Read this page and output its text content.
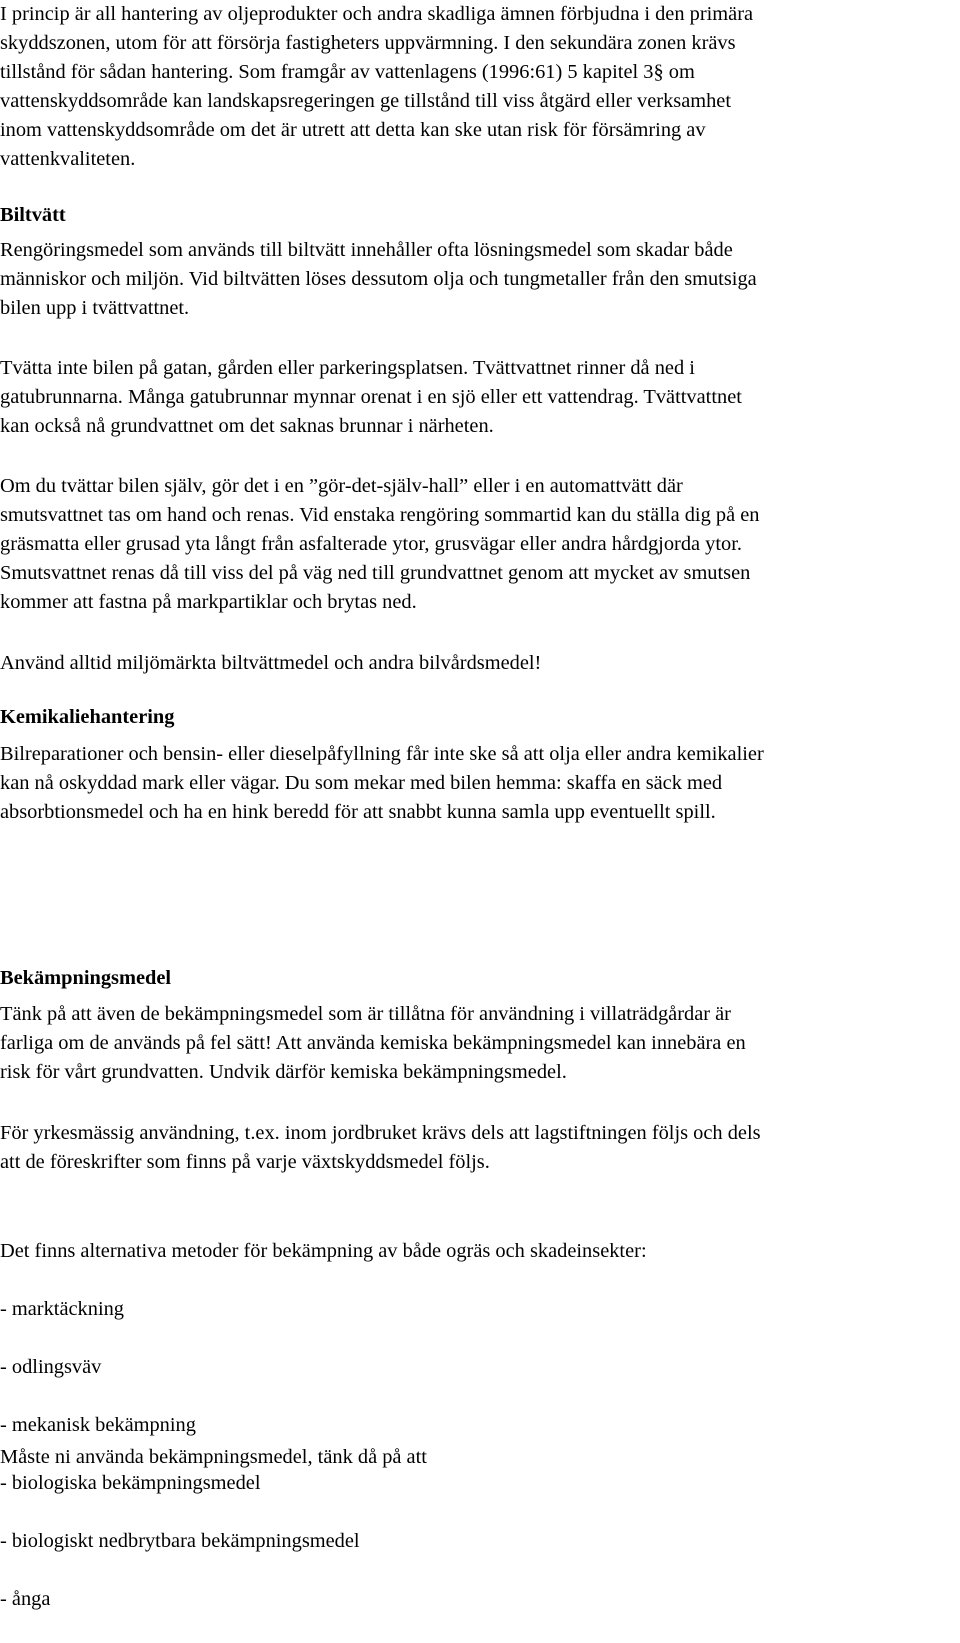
I princip är all hantering av oljeprodukter och andra skadliga ämnen förbjudna i den primära
skyddszonen, utom för att försörja fastigheters uppvärmning. I den sekundära zonen krävs
tillstånd för sådan hantering. Som framgår av vattenlagens (1996:61) 5 kapitel 3§ om
vattenskyddsområde kan landskapsregeringen ge tillstånd till viss åtgärd eller verksamhet
inom vattenskyddsområde om det är utrett att detta kan ske utan risk för försämring av
vattenkvaliteten.

Biltvätt

Rengöringsmedel som används till biltvätt innehåller ofta lösningsmedel som skadar både
människor och miljön. Vid biltvätten löses dessutom olja och tungmetaller från den smutsiga
bilen upp i tvättvattnet.

Tvätta inte bilen på gatan, gården eller parkeringsplatsen. Tvättvattnet rinner då ned i
gatubrunnarna. Många gatubrunnar mynnar orenat i en sjö eller ett vattendrag. Tvättvattnet
kan också nå grundvattnet om det saknas brunnar i närheten.

Om du tvättar bilen själv, gör det i en ”gör-det-själv-hall” eller i en automattvätt där
smutsvattnet tas om hand och renas. Vid enstaka rengöring sommartid kan du ställa dig på en
gräsmatta eller grusad yta långt från asfalterade ytor, grusvägar eller andra hårdgjorda ytor.
Smutsvattnet renas då till viss del på väg ned till grundvattnet genom att mycket av smutsen
kommer att fastna på markpartiklar och brytas ned.

Använd alltid miljömärkta biltvättmedel och andra bilvårdsmedel!

Kemikaliehantering

Bilreparationer och bensin- eller dieselpåfyllning får inte ske så att olja eller andra kemikalier
kan nå oskyddad mark eller vägar. Du som mekar med bilen hemma: skaffa en säck med
absorbtionsmedel och ha en hink beredd för att snabbt kunna samla upp eventuellt spill.

Bekämpningsmedel

Tänk på att även de bekämpningsmedel som är tillåtna för användning i villaträdgårdar är
farliga om de används på fel sätt! Att använda kemiska bekämpningsmedel kan innebära en
risk för vårt grundvatten. Undvik därför kemiska bekämpningsmedel.

För yrkesmässig användning, t.ex. inom jordbruket krävs dels att lagstiftningen följs och dels
att de föreskrifter som finns på varje växtskyddsmedel följs.

Det finns alternativa metoder för bekämpning av både ogräs och skadeinsekter:

- marktäckning

- odlingsväv

- mekanisk bekämpning

- biologiska bekämpningsmedel

- biologiskt nedbrytbara bekämpningsmedel

- ånga

Måste ni använda bekämpningsmedel, tänk då på att
